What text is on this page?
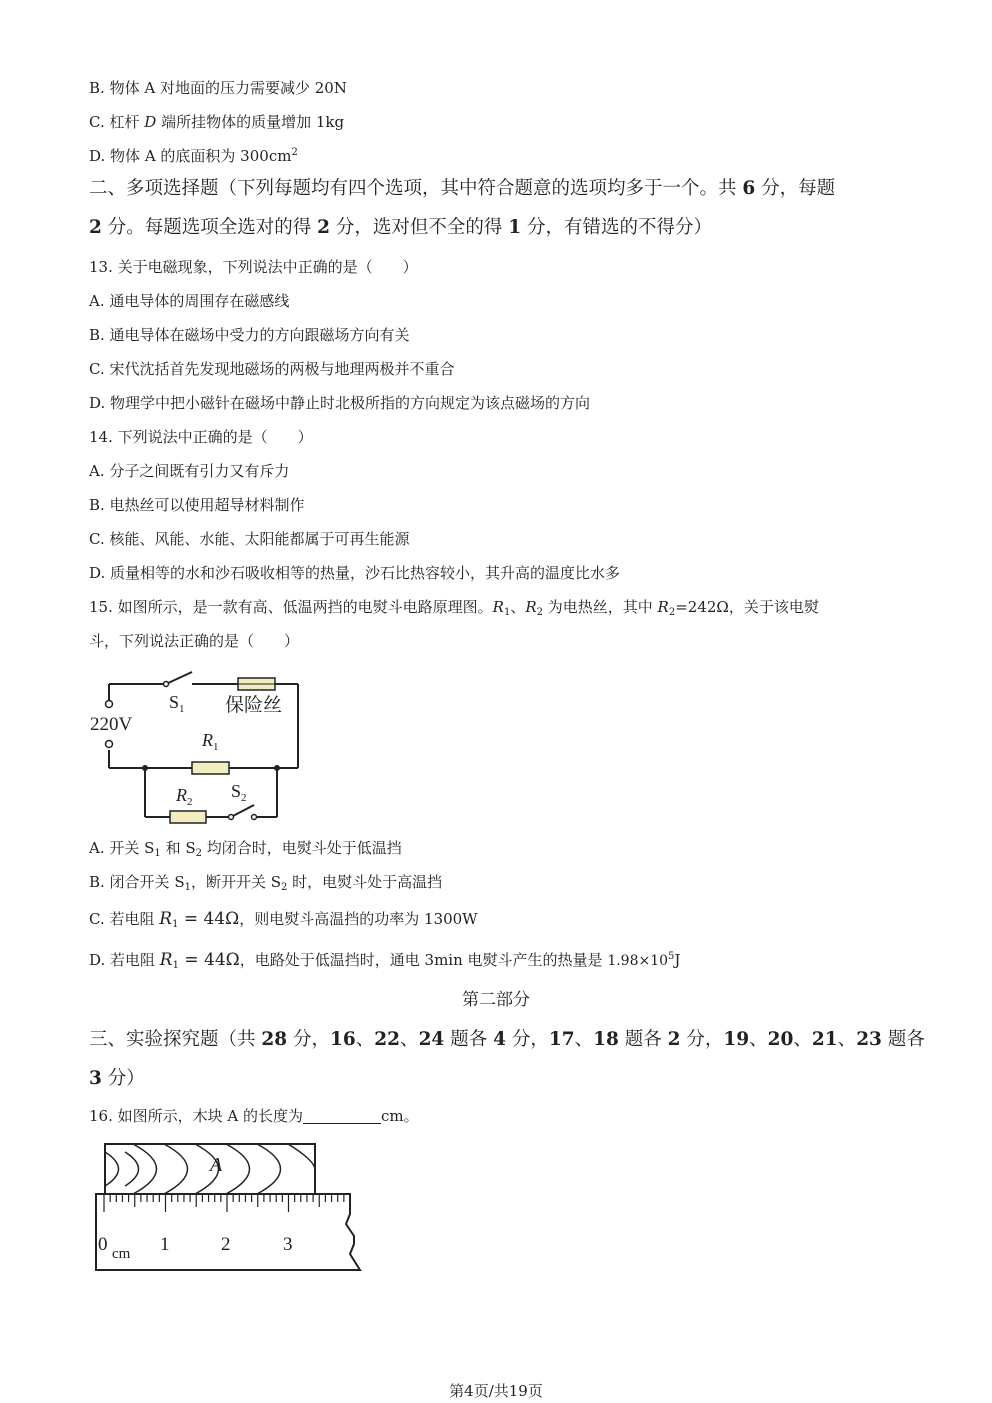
B. 物体 A 对地面的压力需要减少 20N
C. 杠杆 D 端所挂物体的质量增加 1kg
D. 物体 A 的底面积为 $300cm^2$
二、多项选择题（下列每题均有四个选项，其中符合题意的选项均多于一个。共 6 分，每题
2 分。每题选项全选对的得 2 分，选对但不全的得 1 分，有错选的不得分）
13. 关于电磁现象，下列说法中正确的是（　　）
A. 通电导体的周围存在磁感线
B. 通电导体在磁场中受力的方向跟磁场方向有关
C. 宋代沈括首先发现地磁场的两极与地理两极并不重合
D. 物理学中把小磁针在磁场中静止时北极所指的方向规定为该点磁场的方向
14. 下列说法中正确的是（　　）
A. 分子之间既有引力又有斥力
B. 电热丝可以使用超导材料制作
C. 核能、风能、水能、太阳能都属于可再生能源
D. 质量相等的水和沙石吸收相等的热量，沙石比热容较小，其升高的温度比水多
15. 如图所示，是一款有高、低温两挡的电熨斗电路原理图。$R_1$、$R_2$ 为电热丝，其中 $R_2=242\Omega$，关于该电熨
斗，下列说法正确的是（　　）
$S_1$ 保险丝
220V
$R_1$
$R_2$
$S_2$
A. 开关 $S_1$ 和 $S_2$ 均闭合时，电熨斗处于低温挡
B. 闭合开关 $S_1$，断开开关 $S_2$ 时，电熨斗处于高温挡
C. 若电阻 $R_1 = 44\Omega$，则电熨斗高温挡的功率为 1300W
D. 若电阻 $R_1 = 44\Omega$，电路处于低温挡时，通电 3min 电熨斗产生的热量是 $1.98\times 10^5J$
第二部分
三、实验探究题（共 28 分，16、22、24 题各 4 分，17、18 题各 2 分，19、20、21、23 题各
3 分）
16. 如图所示，木块 A 的长度为	cm。
A
0 cm 1	2	3
第4页/共19页
